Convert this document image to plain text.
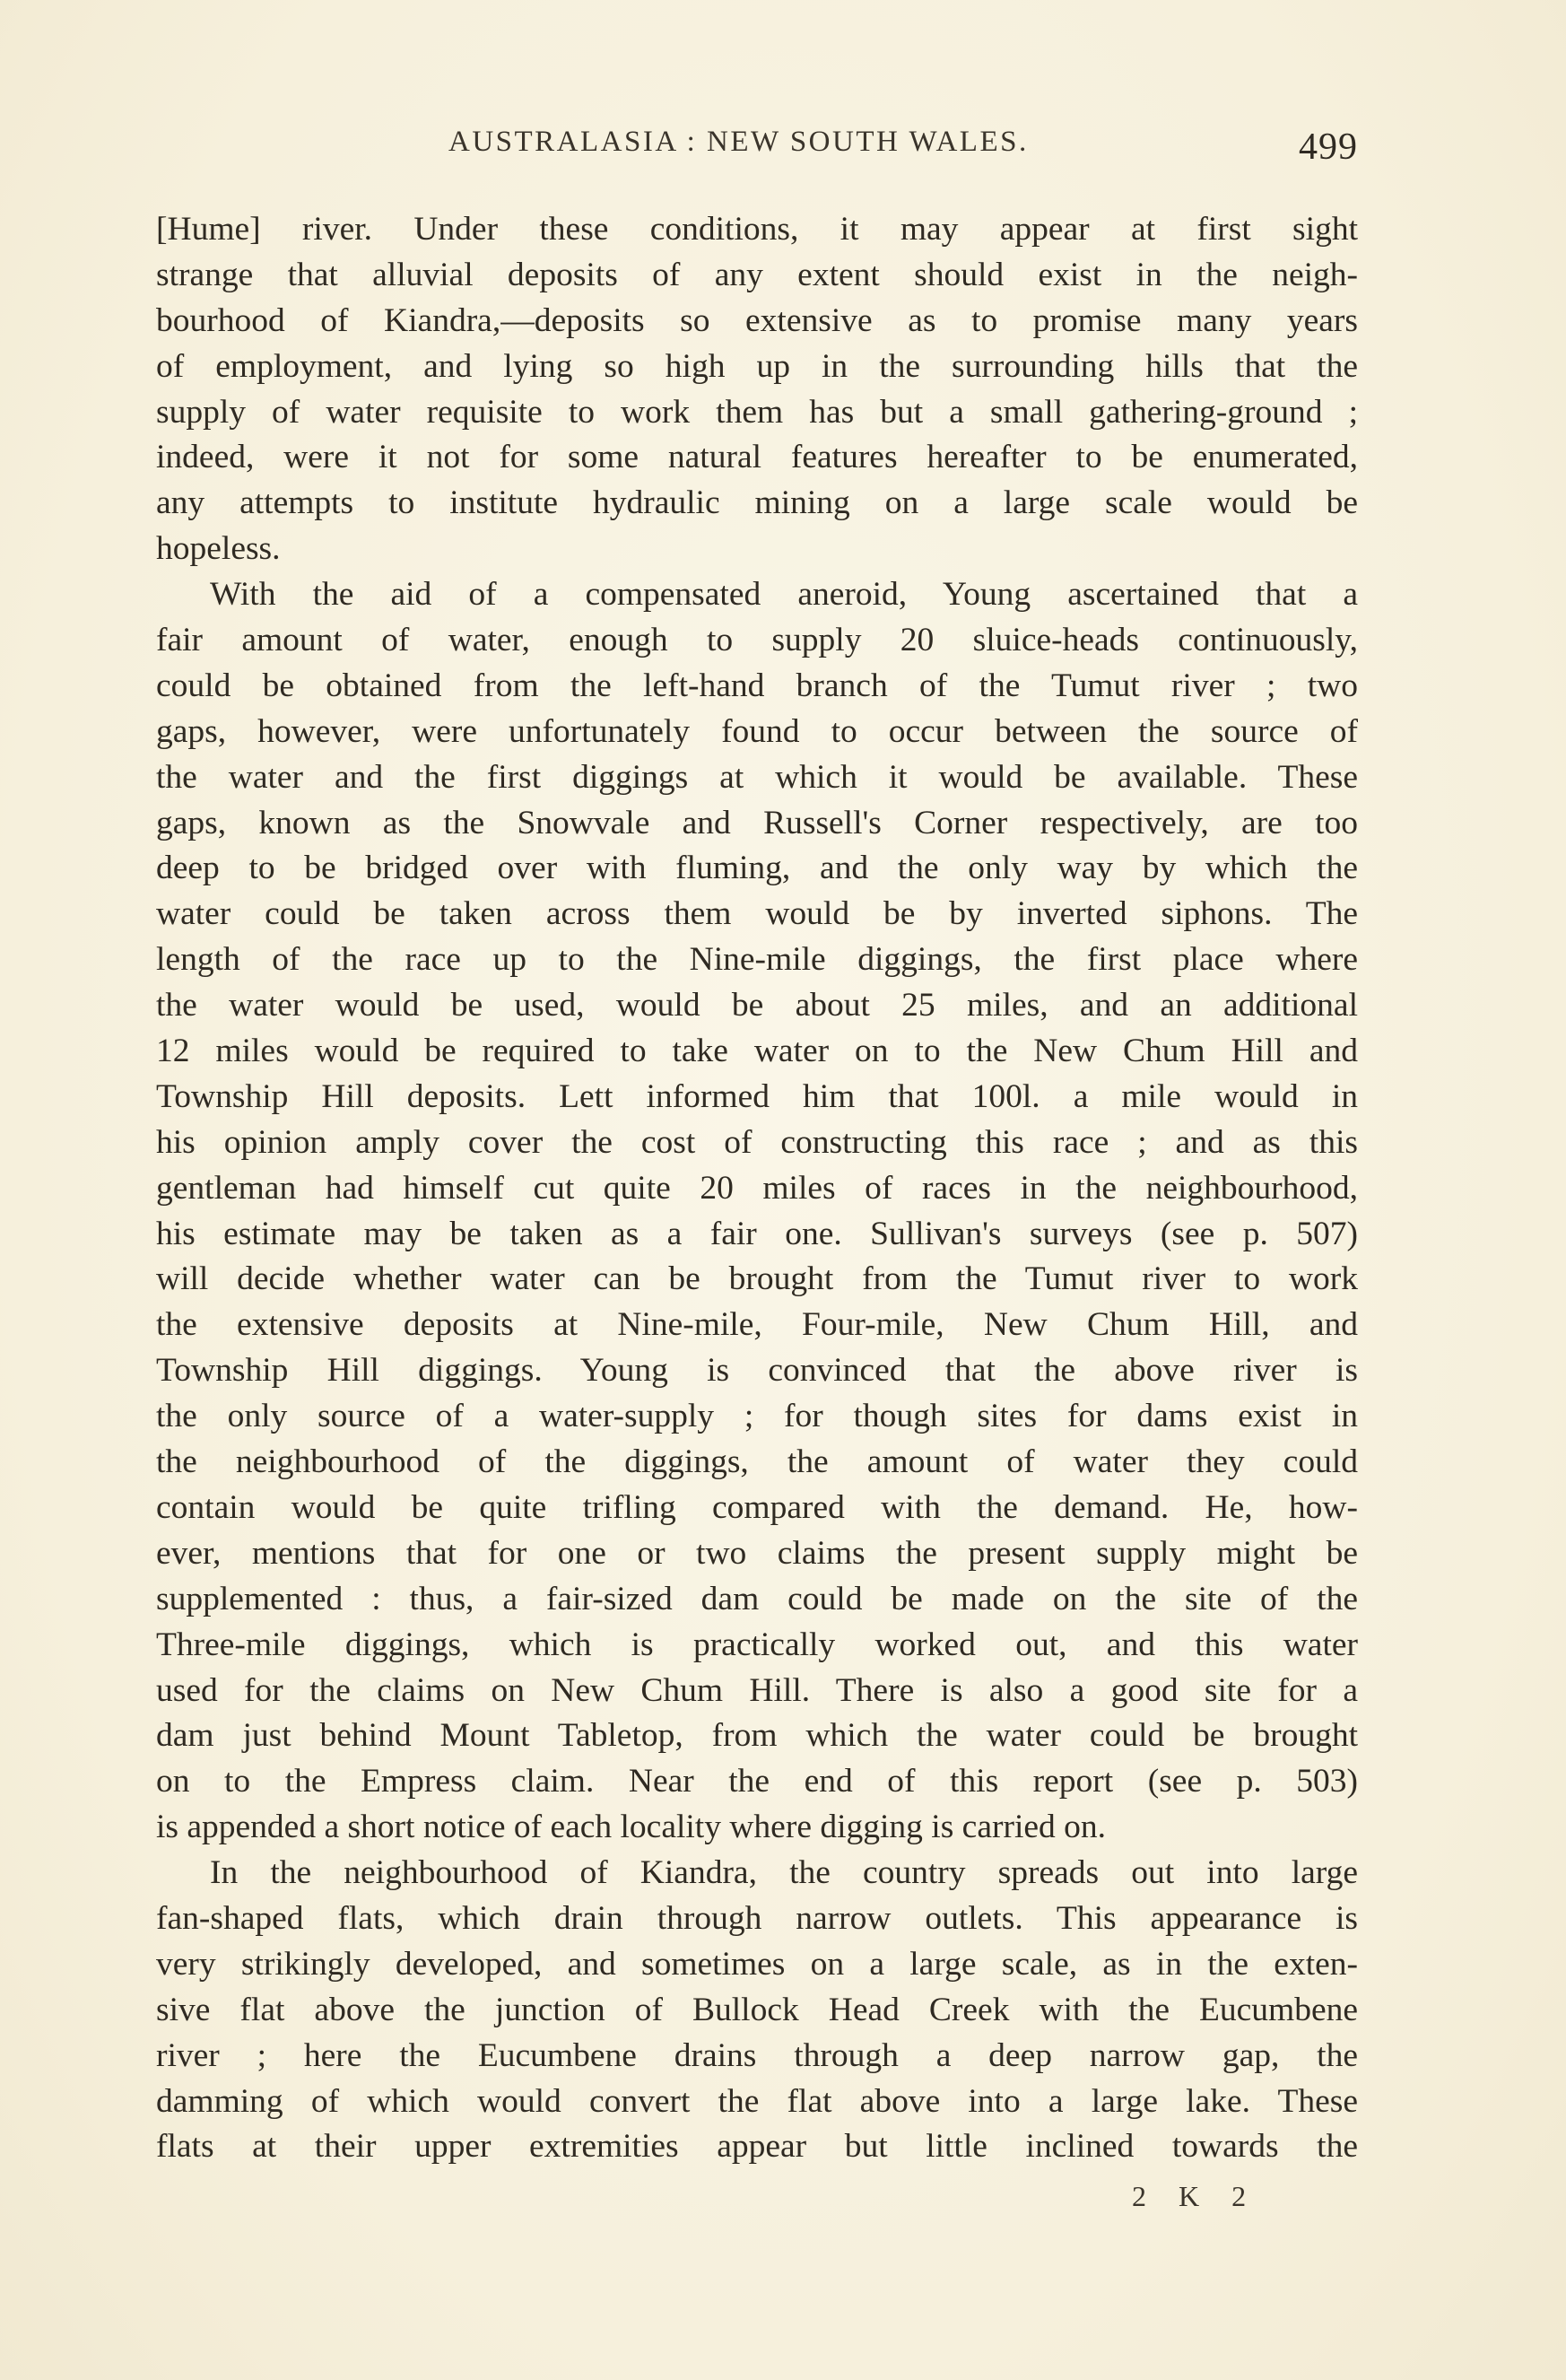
AUSTRALASIA : NEW SOUTH WALES.	499
[Hume] river. Under these conditions, it may appear at first sight
strange that alluvial deposits of any extent should exist in the neigh-
bourhood of Kiandra,—deposits so extensive as to promise many years
of employment, and lying so high up in the surrounding hills that the
supply of water requisite to work them has but a small gathering-ground ;
indeed, were it not for some natural features hereafter to be enumerated,
any attempts to institute hydraulic mining on a large scale would be
hopeless.
With the aid of a compensated aneroid, Young ascertained that a
fair amount of water, enough to supply 20 sluice-heads continuously,
could be obtained from the left-hand branch of the Tumut river ; two
gaps, however, were unfortunately found to occur between the source of
the water and the first diggings at which it would be available. These
gaps, known as the Snowvale and Russell's Corner respectively, are too
deep to be bridged over with fluming, and the only way by which the
water could be taken across them would be by inverted siphons. The
length of the race up to the Nine-mile diggings, the first place where
the water would be used, would be about 25 miles, and an additional
12 miles would be required to take water on to the New Chum Hill and
Township Hill deposits. Lett informed him that 100l. a mile would in
his opinion amply cover the cost of constructing this race ; and as this
gentleman had himself cut quite 20 miles of races in the neighbourhood,
his estimate may be taken as a fair one. Sullivan's surveys (see p. 507)
will decide whether water can be brought from the Tumut river to work
the extensive deposits at Nine-mile, Four-mile, New Chum Hill, and
Township Hill diggings. Young is convinced that the above river is
the only source of a water-supply ; for though sites for dams exist in
the neighbourhood of the diggings, the amount of water they could
contain would be quite trifling compared with the demand. He, how-
ever, mentions that for one or two claims the present supply might be
supplemented : thus, a fair-sized dam could be made on the site of the
Three-mile diggings, which is practically worked out, and this water
used for the claims on New Chum Hill. There is also a good site for a
dam just behind Mount Tabletop, from which the water could be brought
on to the Empress claim. Near the end of this report (see p. 503)
is appended a short notice of each locality where digging is carried on.
In the neighbourhood of Kiandra, the country spreads out into large
fan-shaped flats, which drain through narrow outlets. This appearance is
very strikingly developed, and sometimes on a large scale, as in the exten-
sive flat above the junction of Bullock Head Creek with the Eucumbene
river ; here the Eucumbene drains through a deep narrow gap, the
damming of which would convert the flat above into a large lake. These
flats at their upper extremities appear but little inclined towards the
2 K 2
